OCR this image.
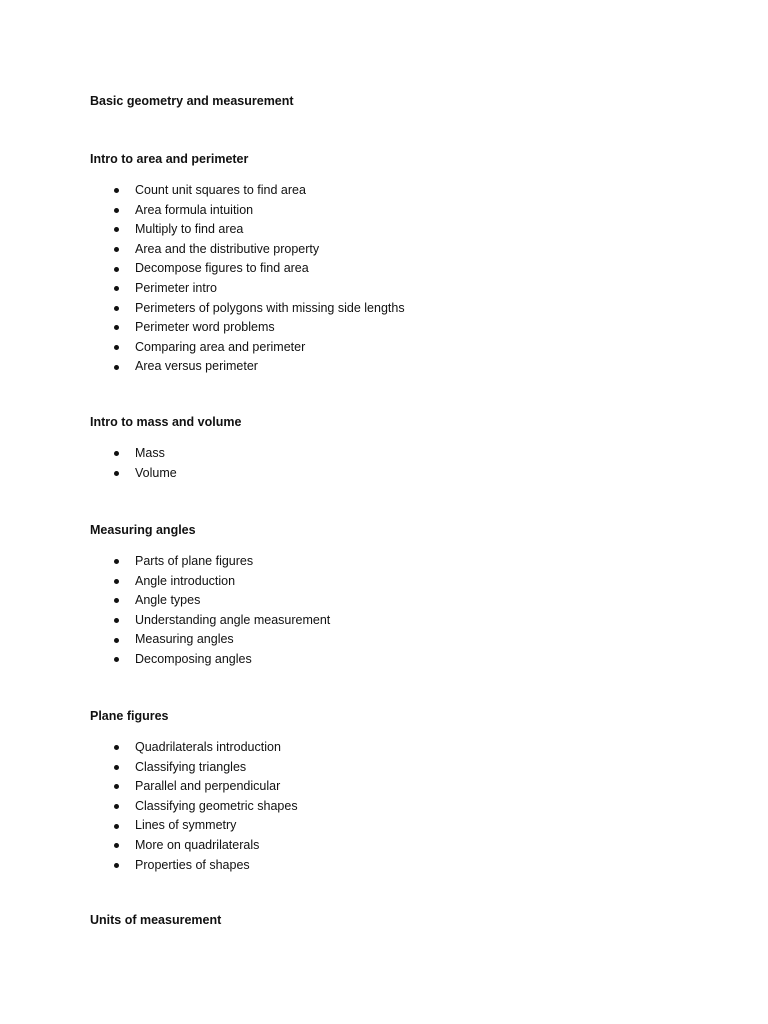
Basic geometry and measurement

Intro to area and perimeter

Count unit squares to find area
Area formula intuition
Multiply to find area
Area and the distributive property
Decompose figures to find area
Perimeter intro
Perimeters of polygons with missing side lengths
Perimeter word problems
Comparing area and perimeter
Area versus perimeter

Intro to mass and volume

Mass
Volume

Measuring angles

Parts of plane figures
Angle introduction
Angle types
Understanding angle measurement
Measuring angles
Decomposing angles

Plane figures

Quadrilaterals introduction
Classifying triangles
Parallel and perpendicular
Classifying geometric shapes
Lines of symmetry
More on quadrilaterals
Properties of shapes

Units of measurement
